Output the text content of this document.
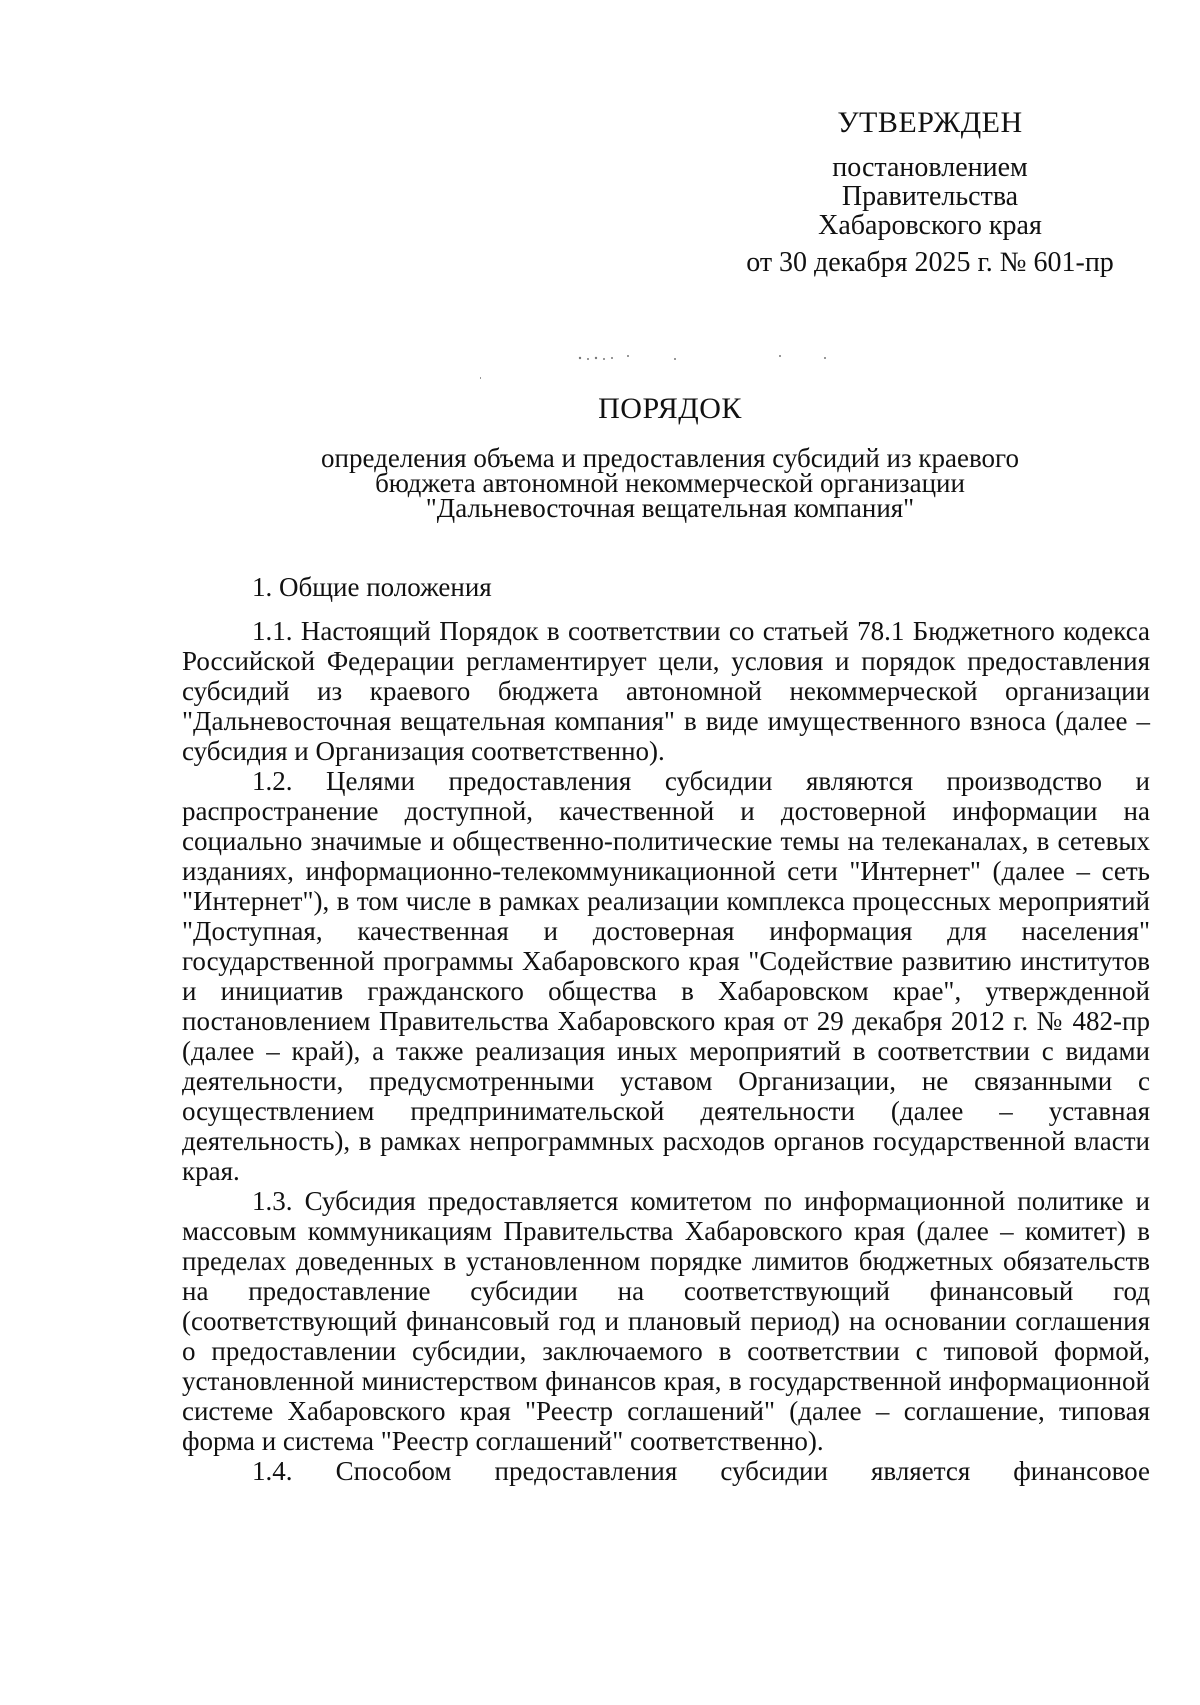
УТВЕРЖДЕН
постановлением
Правительства
Хабаровского края
от 30 декабря 2025 г. № 601-пр
ПОРЯДОК
определения объема и предоставления субсидий из краевого
бюджета автономной некоммерческой организации
"Дальневосточная вещательная компания"

1. Общие положения

1.1. Настоящий Порядок в соответствии со статьей 78.1 Бюджетного кодекса Российской Федерации регламентирует цели, условия и порядок предоставления субсидий из краевого бюджета автономной некоммерческой организации "Дальневосточная вещательная компания" в виде имущественного взноса (далее – субсидия и Организация соответственно).

1.2. Целями предоставления субсидии являются производство и распространение доступной, качественной и достоверной информации на социально значимые и общественно-политические темы на телеканалах, в сетевых изданиях, информационно-телекоммуникационной сети "Интернет" (далее – сеть "Интернет"), в том числе в рамках реализации комплекса процессных мероприятий "Доступная, качественная и достоверная информация для населения" государственной программы Хабаровского края "Содействие развитию институтов и инициатив гражданского общества в Хабаровском крае", утвержденной постановлением Правительства Хабаровского края от 29 декабря 2012 г. № 482-пр (далее – край), а также реализация иных мероприятий в соответствии с видами деятельности, предусмотренными уставом Организации, не связанными с осуществлением предпринимательской деятельности (далее – уставная деятельность), в рамках непрограммных расходов органов государственной власти края.

1.3. Субсидия предоставляется комитетом по информационной политике и массовым коммуникациям Правительства Хабаровского края (далее – комитет) в пределах доведенных в установленном порядке лимитов бюджетных обязательств на предоставление субсидии на соответствующий финансовый год (соответствующий финансовый год и плановый период) на основании соглашения о предоставлении субсидии, заключаемого в соответствии с типовой формой, установленной министерством финансов края, в государственной информационной системе Хабаровского края "Реестр соглашений" (далее – соглашение, типовая форма и система "Реестр соглашений" соответственно).

1.4. Способом предоставления субсидии является финансовое
